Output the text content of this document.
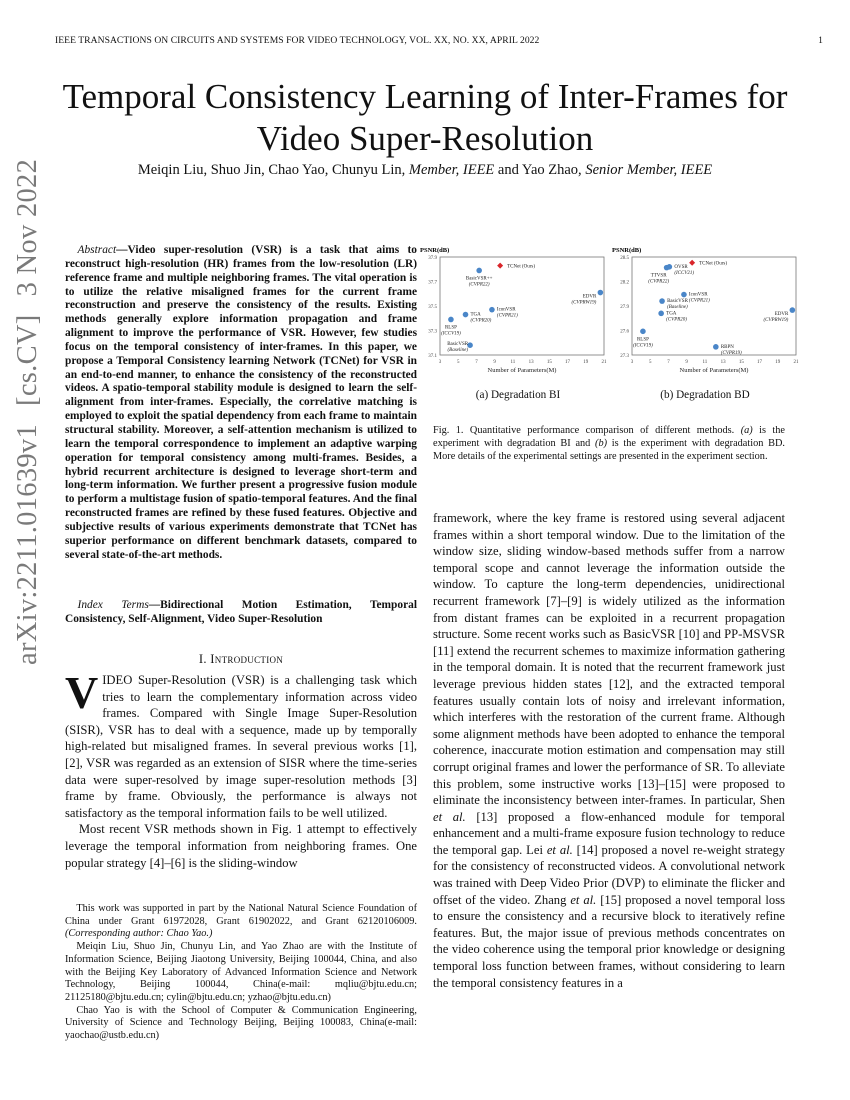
IEEE TRANSACTIONS ON CIRCUITS AND SYSTEMS FOR VIDEO TECHNOLOGY, VOL. XX, NO. XX, APRIL 2022	1
arXiv:2211.01639v1[cs.CV]3 Nov 2022
Temporal Consistency Learning of Inter-Frames for
Video Super-Resolution
Meiqin Liu, Shuo Jin, Chao Yao, Chunyu Lin, Member, IEEE and Yao Zhao, Senior Member, IEEE
Abstract—Video super-resolution (VSR) is a task that aims to reconstruct high-resolution (HR) frames from the low-resolution (LR) reference frame and multiple neighboring frames. The vital operation is to utilize the relative misaligned frames for the current frame reconstruction and preserve the consistency of the results. Existing methods generally explore information propagation and frame alignment to improve the performance of VSR. However, few studies focus on the temporal consistency of inter-frames. In this paper, we propose a Temporal Consistency learning Network (TCNet) for VSR in an end-to-end manner, to enhance the consistency of the reconstructed videos. A spatio-temporal stability module is designed to learn the self-alignment from inter-frames. Especially, the correlative matching is employed to exploit the spatial dependency from each frame to maintain structural stability. Moreover, a self-attention mechanism is utilized to learn the temporal correspondence to implement an adaptive warping operation for temporal consistency among multi-frames. Besides, a hybrid recurrent architecture is designed to leverage short-term and long-term information. We further present a progressive fusion module to perform a multistage fusion of spatio-temporal features. And the final reconstructed frames are refined by these fused features. Objective and subjective results of various experiments demonstrate that TCNet has superior performance on different benchmark datasets, compared to several state-of-the-art methods.
Index Terms—Bidirectional Motion Estimation, Temporal Consistency, Self-Alignment, Video Super-Resolution
I. Introduction

VIDEO Super-Resolution (VSR) is a challenging task which tries to learn the complementary information across video frames. Compared with Single Image Super-Resolution (SISR), VSR has to deal with a sequence, made up by temporally high-related but misaligned frames. In several previous works [1], [2], VSR was regarded as an extension of SISR where the time-series data were super-resolved by image super-resolution methods [3] frame by frame. Obviously, the performance is always not satisfactory as the temporal information fails to be well utilized.

Most recent VSR methods shown in Fig. 1 attempt to effectively leverage the temporal information from neighboring frames. One popular strategy [4]–[6] is the sliding-window

This work was supported in part by the National Natural Science Foundation of China under Grant 61972028, Grant 61902022, and Grant 62120106009.(Corresponding author: Chao Yao.)

Meiqin Liu, Shuo Jin, Chunyu Lin, and Yao Zhao are with the Institute of Information Science, Beijing Jiaotong University, Beijing 100044, China, and also with the Beijing Key Laboratory of Advanced Information Science and Network Technology, Beijing 100044, China(e-mail: mqliu@bjtu.edu.cn; 21125180@bjtu.edu.cn; cylin@bjtu.edu.cn; yzhao@bjtu.edu.cn)

Chao Yao is with the School of Computer & Communication Engineering, University of Science and Technology Beijing, Beijing 100083, China(e-mail: yaochao@ustb.edu.cn)

PSNR(dB)
37.1
37.3
37.5
37.7
37.9
3	5	7	9	11	13	15	17	19	21
Number of Parameters(M)
TCNet (Ours)
BasicVSR++
(CVPR22)
EDVR
(CVPRW19)
IconVSR
(CVPR21)
TGA
(CVPR20)
RLSP
(ICCV19)
BasicVSR
(Baseline)
PSNR(dB)
27.3
27.6
27.9
28.2
28.5
3	5	7	9	11	13	15	17	19	21
Number of Parameters(M)
TCNet (Ours)
TTVSR
(CVPR22)
OVSR
(ICCV21)
IconVSR
(CVPR21)
BasicVSR
(Baseline)
TGA
(CVPR20)
EDVR
(CVPRW19)
RLSP
(ICCV19)	RBPN
(CVPR19)
(a) Degradation BI	(b) Degradation BD
Fig. 1. Quantitative performance comparison of different methods. (a) is the experiment with degradation BI and (b) is the experiment with degradation BD. More details of the experimental settings are presented in the experiment section.
framework, where the key frame is restored using several adjacent frames within a short temporal window. Due to the limitation of the window size, sliding window-based methods suffer from a narrow temporal scope and cannot leverage the information outside the window. To capture the long-term dependencies, unidirectional recurrent framework [7]–[9] is widely utilized as the information from distant frames can be exploited in a recurrent propagation structure. Some recent works such as BasicVSR [10] and PP-MSVSR [11] extend the recurrent schemes to maximize information gathering in the temporal domain. It is noted that the recurrent framework just leverage previous hidden states [12], and the extracted temporal features usually contain lots of noisy and irrelevant information, which interferes with the restoration of the current frame. Although some alignment methods have been adopted to enhance the temporal coherence, inaccurate motion estimation and compensation may still corrupt original frames and lower the performance of SR. To alleviate this problem, some instructive works [13]–[15] were proposed to eliminate the inconsistency between inter-frames. In particular, Shen et al. [13] proposed a flow-enhanced module for temporal enhancement and a multi-frame exposure fusion technology to reduce the temporal gap. Lei et al. [14] proposed a novel re-weight strategy for the consistency of reconstructed videos. A convolutional network was trained with Deep Video Prior (DVP) to eliminate the flicker and offset of the video. Zhang et al. [15] proposed a novel temporal loss to ensure the consistency and a recursive block to iteratively refine features. But, the major issue of previous methods concentrates on the video coherence using the temporal prior knowledge or designing temporal loss function between frames, without considering to learn the temporal consistency features in a
